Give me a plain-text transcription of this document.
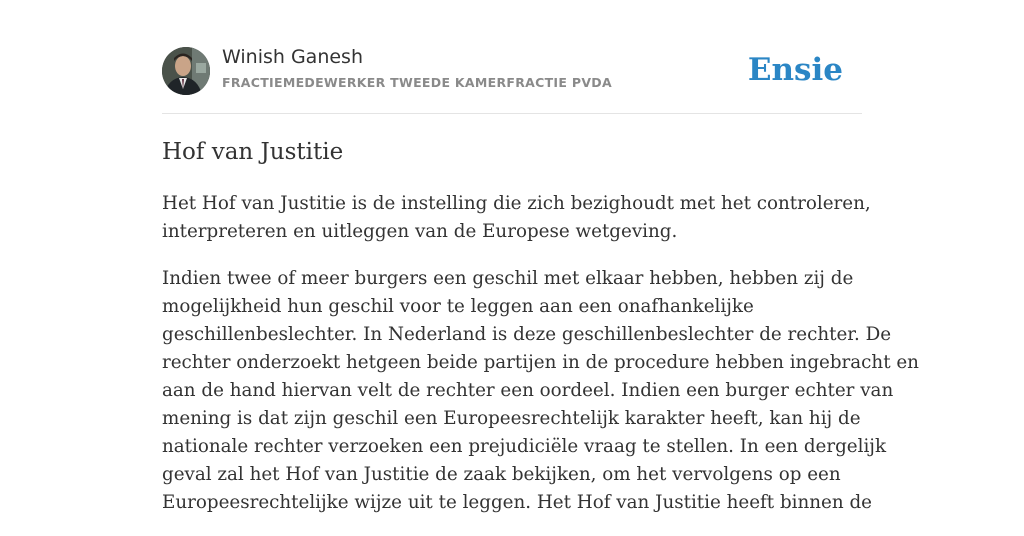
Winish Ganesh
FRACTIEMEDEWERKER TWEEDE KAMERFRACTIE PVDA	Ensie
Hof van Justitie

Het Hof van Justitie is de instelling die zich bezighoudt met het controleren,
interpreteren en uitleggen van de Europese wetgeving.

Indien twee of meer burgers een geschil met elkaar hebben, hebben zij de
mogelijkheid hun geschil voor te leggen aan een onafhankelijke
geschillenbeslechter. In Nederland is deze geschillenbeslechter de rechter. De
rechter onderzoekt hetgeen beide partijen in de procedure hebben ingebracht en
aan de hand hiervan velt de rechter een oordeel. Indien een burger echter van
mening is dat zijn geschil een Europeesrechtelijk karakter heeft, kan hij de
nationale rechter verzoeken een prejudiciële vraag te stellen. In een dergelijk
geval zal het Hof van Justitie de zaak bekijken, om het vervolgens op een
Europeesrechtelijke wijze uit te leggen. Het Hof van Justitie heeft binnen de
